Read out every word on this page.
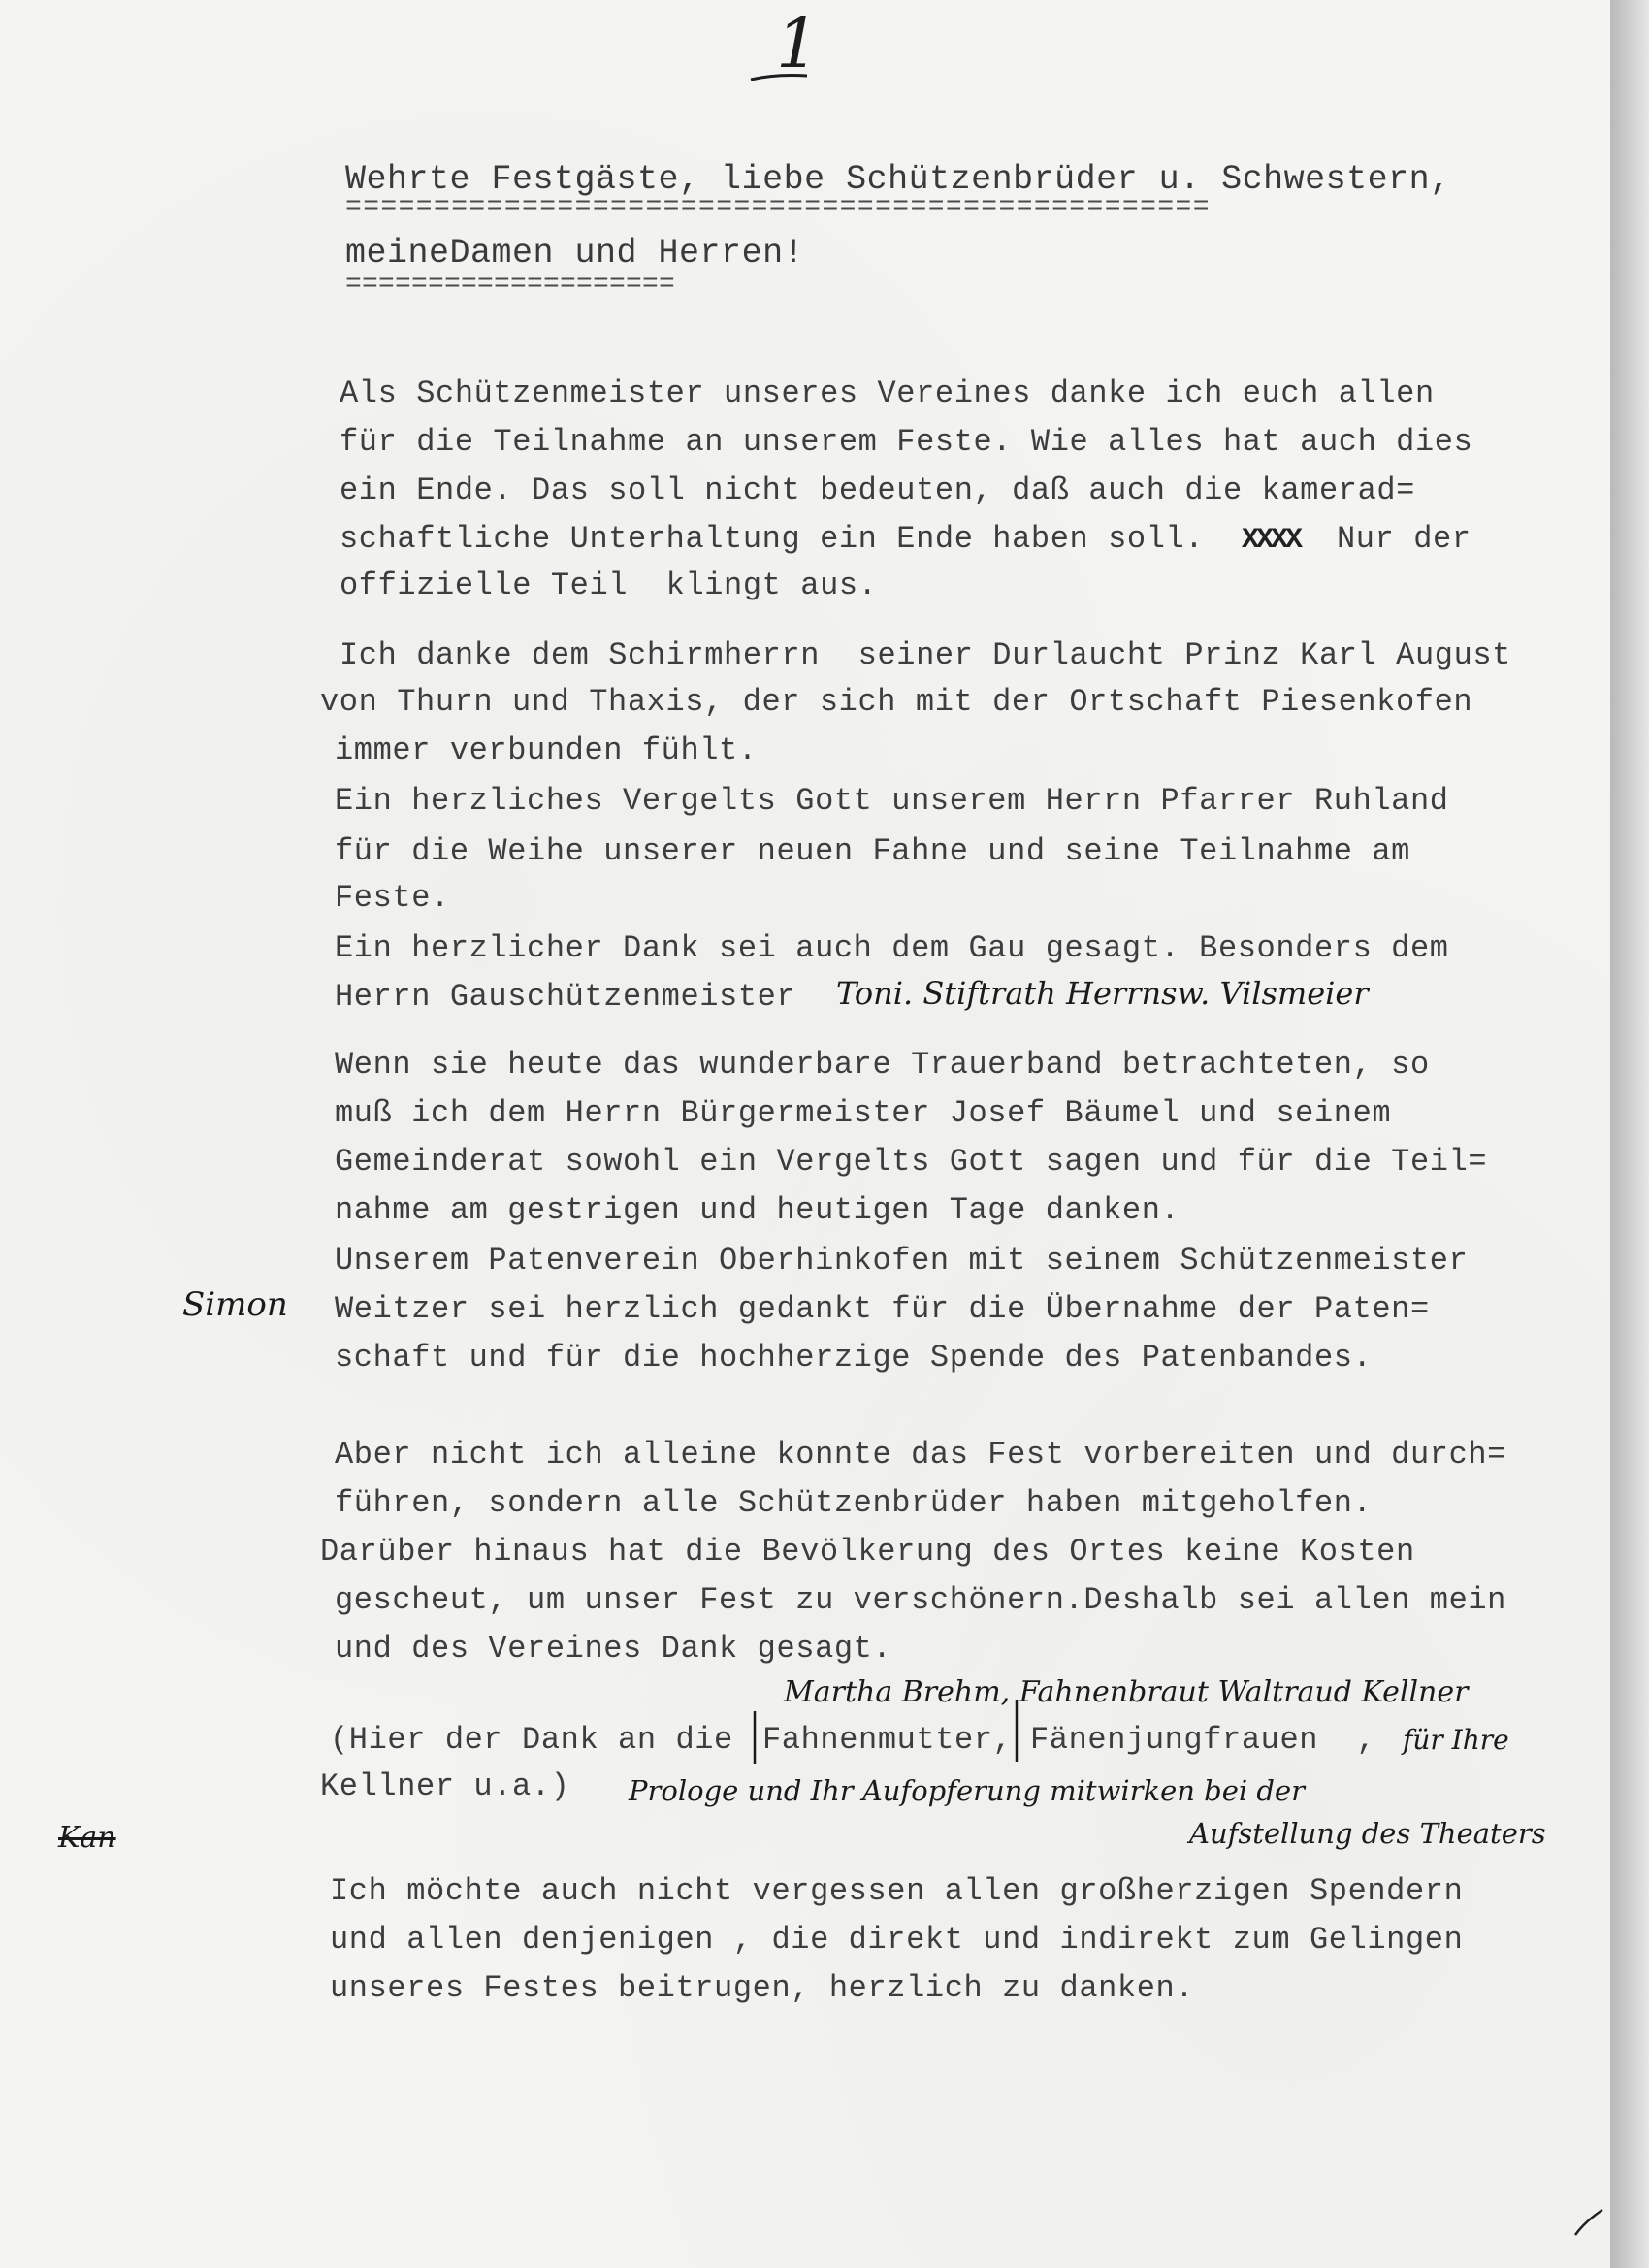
1
Wehrte Festgäste, liebe Schützenbrüder u. Schwestern,
=================================================
meineDamen und Herren!
====================
Als Schützenmeister unseres Vereines danke ich euch allen
für die Teilnahme an unserem Feste. Wie alles hat auch dies
ein Ende. Das soll nicht bedeuten, daß auch die kamerad=
schaftliche Unterhaltung ein Ende haben soll. XXXX Nur der
offizielle Teil  klingt aus.
Ich danke dem Schirmherrn  seiner Durlaucht Prinz Karl August
von Thurn und Thaxis, der sich mit der Ortschaft Piesenkofen
immer verbunden fühlt.
Ein herzliches Vergelts Gott unserem Herrn Pfarrer Ruhland
für die Weihe unserer neuen Fahne und seine Teilnahme am
Feste.
Ein herzlicher Dank sei auch dem Gau gesagt. Besonders dem
Herrn Gauschützenmeister Toni. Stiftrath Herrnsw. Vilsmeier
Wenn sie heute das wunderbare Trauerband betrachteten, so
muß ich dem Herrn Bürgermeister Josef Bäumel und seinem
Gemeinderat sowohl ein Vergelts Gott sagen und für die Teil=
nahme am gestrigen und heutigen Tage danken.
Unserem Patenverein Oberhinkofen mit seinem Schützenmeister
Weitzer sei herzlich gedankt für die Übernahme der Paten=
schaft und für die hochherzige Spende des Patenbandes.
Simon
Aber nicht ich alleine konnte das Fest vorbereiten und durch=
führen, sondern alle Schützenbrüder haben mitgeholfen.
Darüber hinaus hat die Bevölkerung des Ortes keine Kosten
gescheut, um unser Fest zu verschönern.Deshalb sei allen mein
und des Vereines Dank gesagt.
Martha Brehm, Fahnenbraut Waltraud Kellner
(Hier der Dank an die Fahnenmutter, Fänenjungfrauen  , für Ihre
Kellner u.a.) Prologe und Ihr Aufopferung mitwirken bei der
Aufstellung des Theaters
Kan
Ich möchte auch nicht vergessen allen großherzigen Spendern
und allen denjenigen , die direkt und indirekt zum Gelingen
unseres Festes beitrugen, herzlich zu danken.
